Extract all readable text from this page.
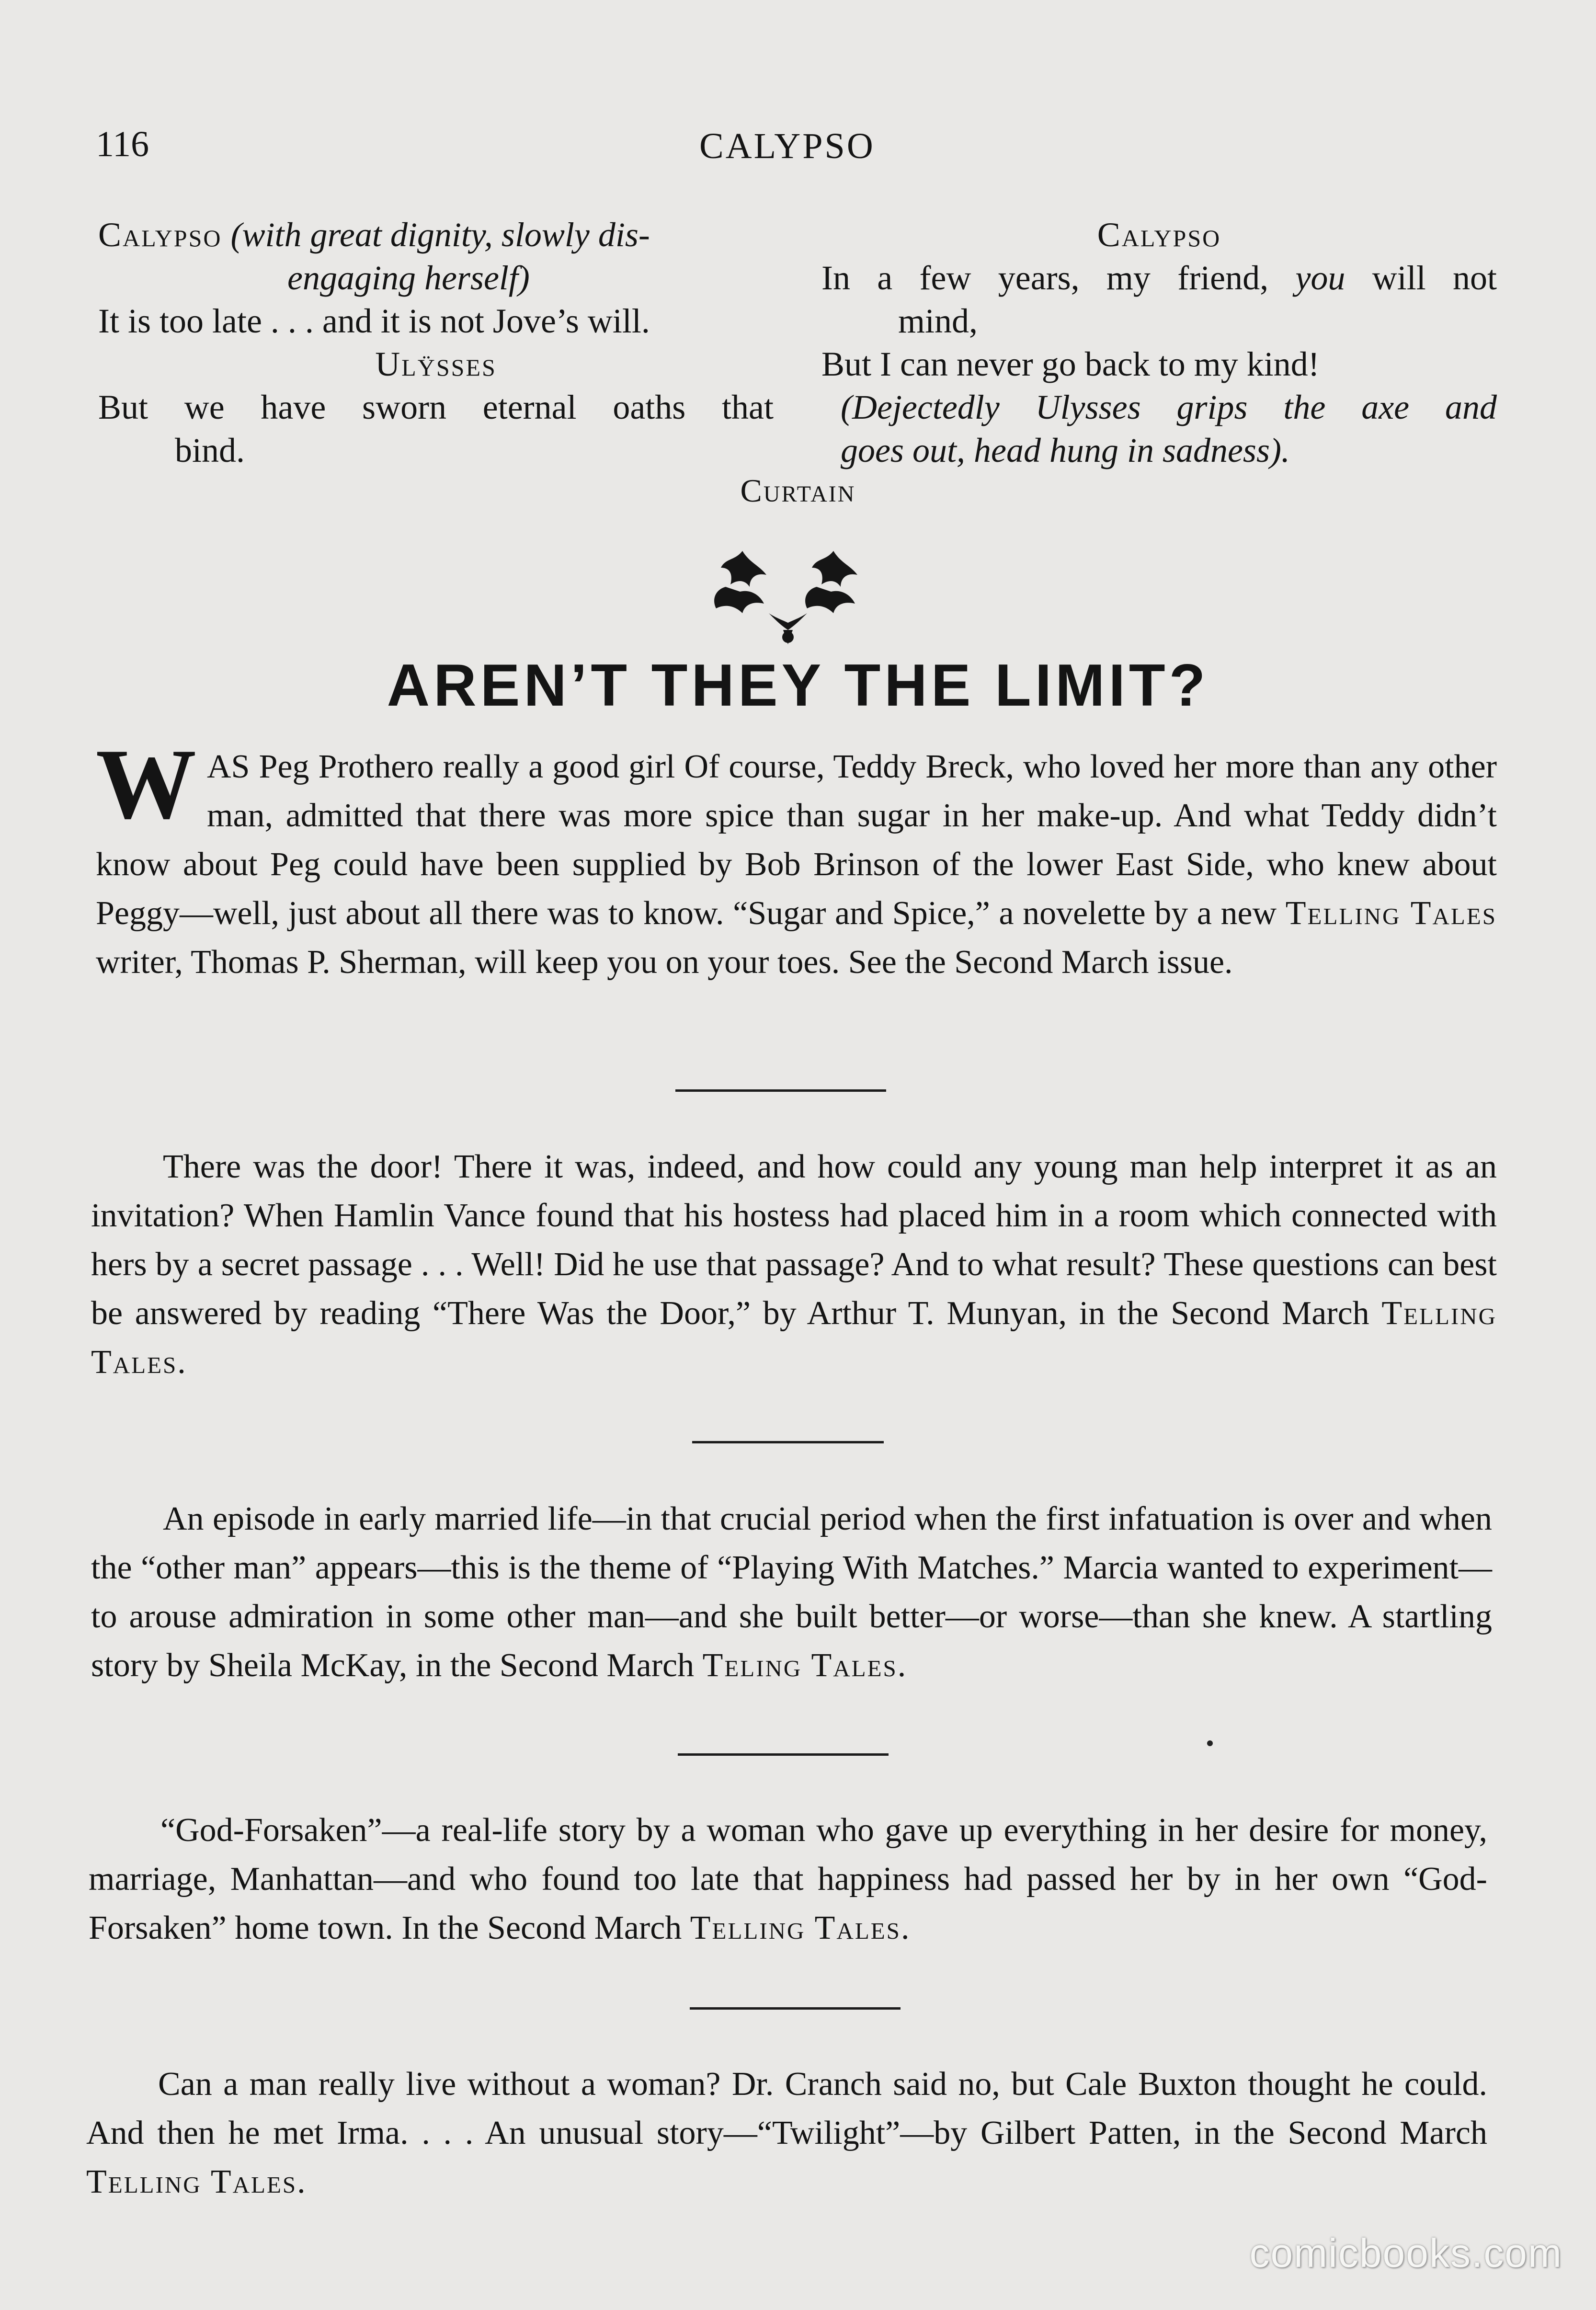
116	CALYPSO
Calypso (with great dignity, slowly dis-
engaging herself)
It is too late . . . and it is not Jove’s will.
Ulÿsses
But we have sworn eternal oaths that
bind.
Calypso
In a few years, my friend, you will not
mind,
But I can never go back to my kind!
(Dejectedly Ulysses grips the axe and
goes out, head hung in sadness).
Curtain
AREN’T THEY THE LIMIT?
WAS Peg Prothero really a good girl Of course, Teddy Breck, who loved her more than any other man, admitted that there was more spice than sugar in her make-up. And what Teddy didn’t know about Peg could have been supplied by Bob Brinson of the lower East Side, who knew about Peggy—well, just about all there was to know. “Sugar and Spice,” a novelette by a new Telling Tales writer, Thomas P. Sherman, will keep you on your toes. See the Second March issue.
There was the door! There it was, indeed, and how could any young man help interpret it as an invitation? When Hamlin Vance found that his hostess had placed him in a room which connected with hers by a secret passage . . . Well! Did he use that passage? And to what result? These questions can best be answered by reading “There Was the Door,” by Arthur T. Munyan, in the Second March Telling Tales.
An episode in early married life—in that crucial period when the first infatuation is over and when the “other man” appears—this is the theme of “Playing With Matches.” Marcia wanted to experiment—to arouse admiration in some other man—and she built better—or worse—than she knew. A startling story by Sheila McKay, in the Second March Teling Tales.
“God-Forsaken”—a real-life story by a woman who gave up everything in her desire for money, marriage, Manhattan—and who found too late that happiness had passed her by in her own “God-Forsaken” home town. In the Second March Telling Tales.
Can a man really live without a woman? Dr. Cranch said no, but Cale Buxton thought he could. And then he met Irma. . . . An unusual story—“Twilight”—by Gilbert Patten, in the Second March Telling Tales.
comicbooks.com
